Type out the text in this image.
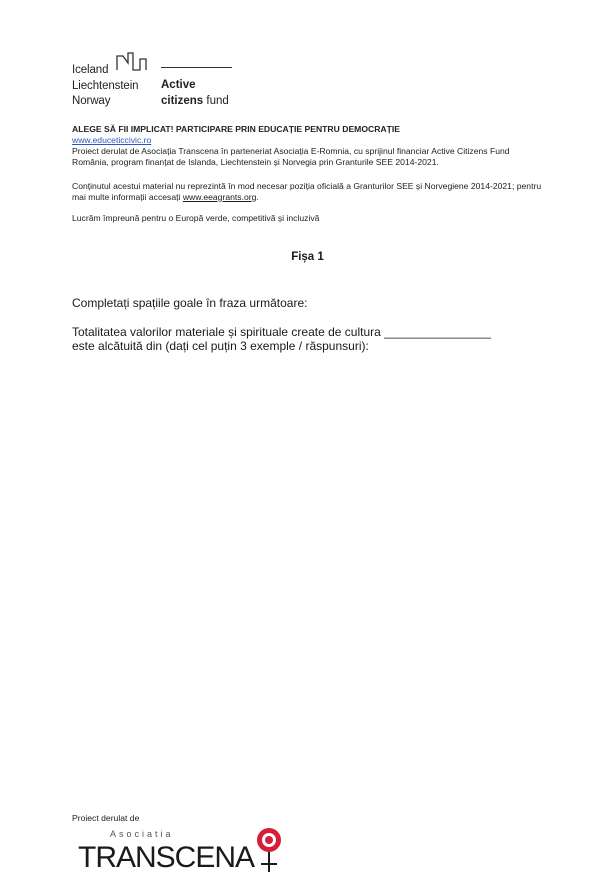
Iceland
Liechtenstein
Norway
Active
citizens fund
ALEGE SĂ FII IMPLICAT! PARTICIPARE PRIN EDUCAȚIE PENTRU DEMOCRAȚIE
www.educeticcivic.ro
Proiect derulat de Asociația Transcena în parteneriat Asociația E-Romnia, cu sprijinul financiar Active Citizens Fund România, program finanțat de Islanda, Liechtenstein și Norvegia prin Granturile SEE 2014-2021.
Conținutul acestui material nu reprezintă în mod necesar poziția oficială a Granturilor SEE și Norvegiene 2014-2021; pentru mai multe informații accesați www.eeagrants.org.
Lucrăm împreună pentru o Europă verde, competitivă și incluzivă
Fișa 1
Completați spațiile goale în fraza următoare:
Totalitatea valorilor materiale și spirituale create de cultura ________________
este alcătuită din (dați cel puțin 3 exemple / răspunsuri):
Proiect derulat de
Asociatia
TRANSCENA
